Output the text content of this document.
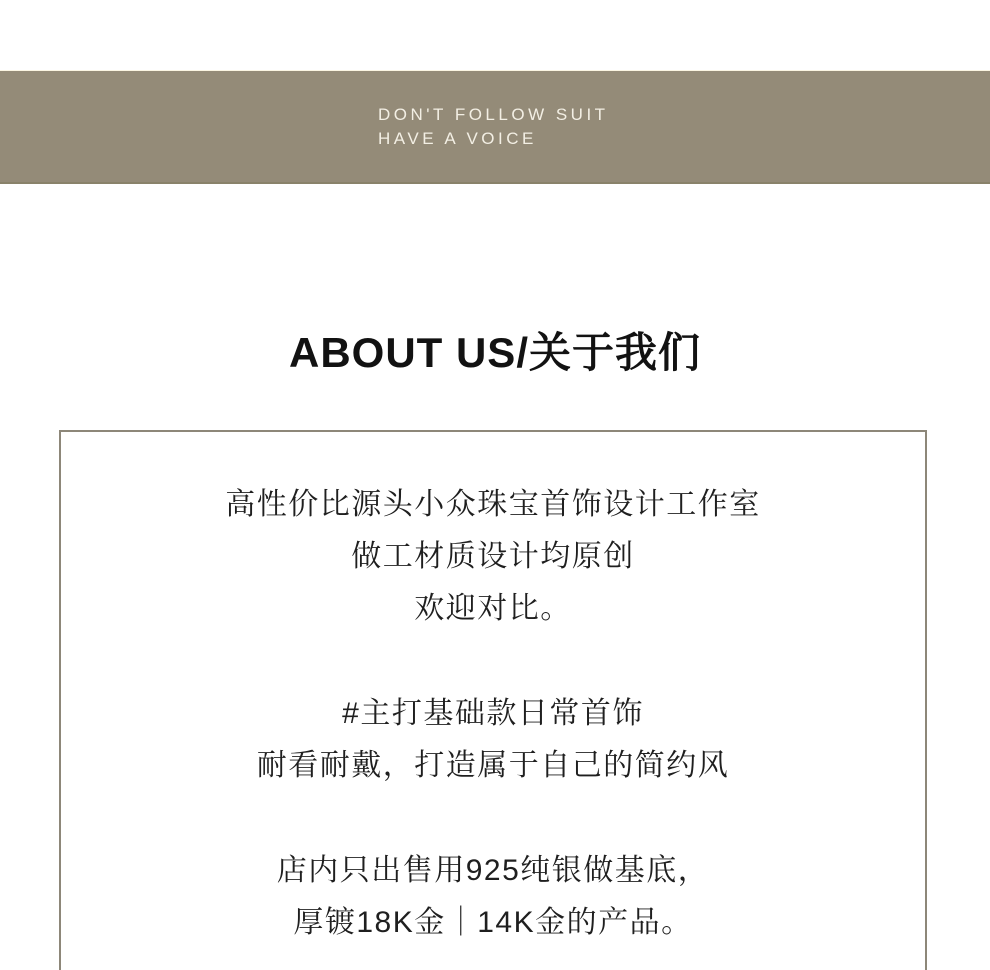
DON'T FOLLOW SUIT
HAVE A VOICE
ABOUT US/关于我们
高性价比源头小众珠宝首饰设计工作室
做工材质设计均原创
欢迎对比。
#主打基础款日常首饰
耐看耐戴，打造属于自己的简约风
店内只出售用925纯银做基底，
厚镀18K金｜14K金的产品。
